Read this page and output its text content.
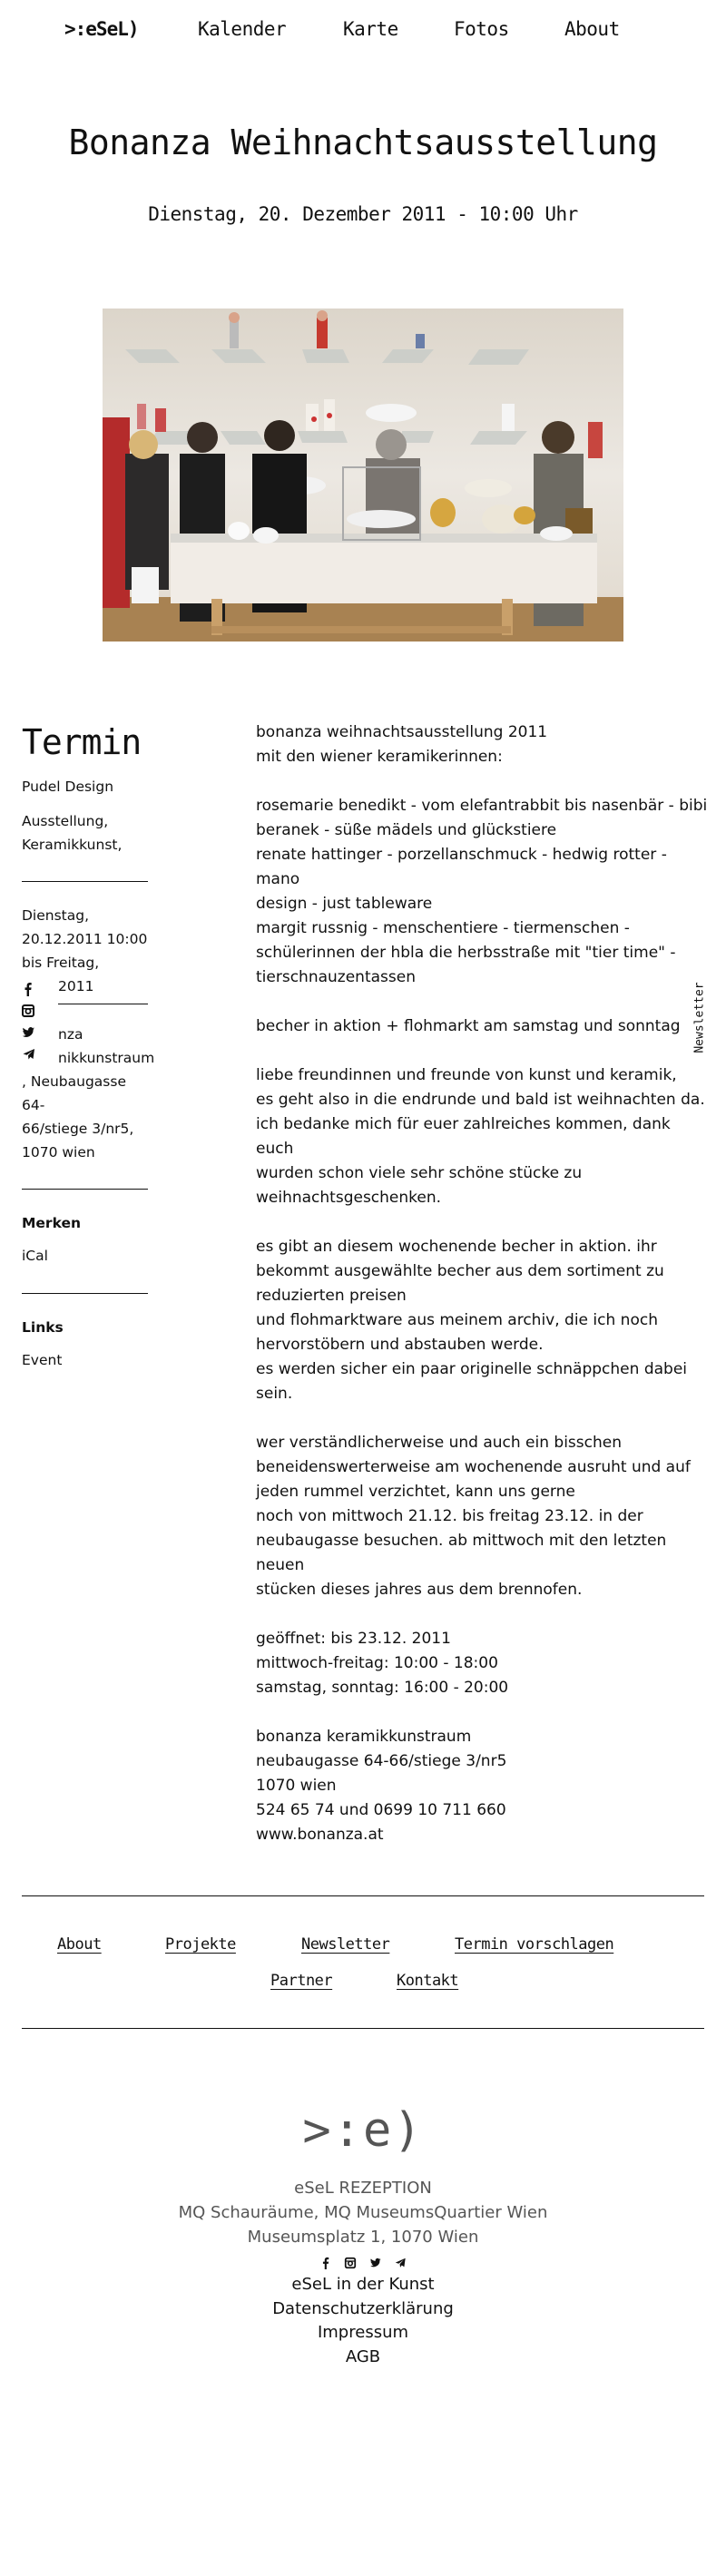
>:eSeL)	Kalender	Karte	Fotos	About
Bonanza Weihnachtsausstellung
Dienstag, 20. Dezember 2011 - 10:00 Uhr
Termin

Pudel Design

Ausstellung,

Keramikkunst,

Dienstag,

20.12.2011 10:00

bis Freitag,

2011

nza

nikkunstraum

, Neubaugasse 64-

66/stiege 3/nr5,

1070 wien

Merken

iCal

Links

Event

bonanza weihnachtsausstellung 2011

mit den wiener keramikerinnen:

rosemarie benedikt - vom elefantrabbit bis nasenbär - bibi

beranek - süße mädels und glückstiere

renate hattinger - porzellanschmuck - hedwig rotter - mano

design - just tableware

margit russnig - menschentiere - tiermenschen -

schülerinnen der hbla die herbsstraße mit "tier time" -

tierschnauzentassen

becher in aktion + flohmarkt am samstag und sonntag

liebe freundinnen und freunde von kunst und keramik,

es geht also in die endrunde und bald ist weihnachten da.

ich bedanke mich für euer zahlreiches kommen, dank euch

wurden schon viele sehr schöne stücke zu

weihnachtsgeschenken.

es gibt an diesem wochenende becher in aktion. ihr

bekommt ausgewählte becher aus dem sortiment zu

reduzierten preisen

und flohmarktware aus meinem archiv, die ich noch

hervorstöbern und abstauben werde.

es werden sicher ein paar originelle schnäppchen dabei

sein.

wer verständlicherweise und auch ein bisschen

beneidenswerterweise am wochenende ausruht und auf

jeden rummel verzichtet, kann uns gerne

noch von mittwoch 21.12. bis freitag 23.12. in der

neubaugasse besuchen. ab mittwoch mit den letzten neuen

stücken dieses jahres aus dem brennofen.

geöffnet: bis 23.12. 2011

mittwoch-freitag: 10:00 - 18:00

samstag, sonntag: 16:00 - 20:00

bonanza keramikkunstraum

neubaugasse 64-66/stiege 3/nr5

1070 wien

524 65 74 und 0699 10 711 660

www.bonanza.at

Newsletter
About	Projekte	Newsletter	Termin vorschlagen
Partner	Kontakt
>:e)
eSeL REZEPTION
MQ Schauräume, MQ MuseumsQuartier Wien
Museumsplatz 1, 1070 Wien

eSeL in der Kunst
Datenschutzerklärung
Impressum
AGB
